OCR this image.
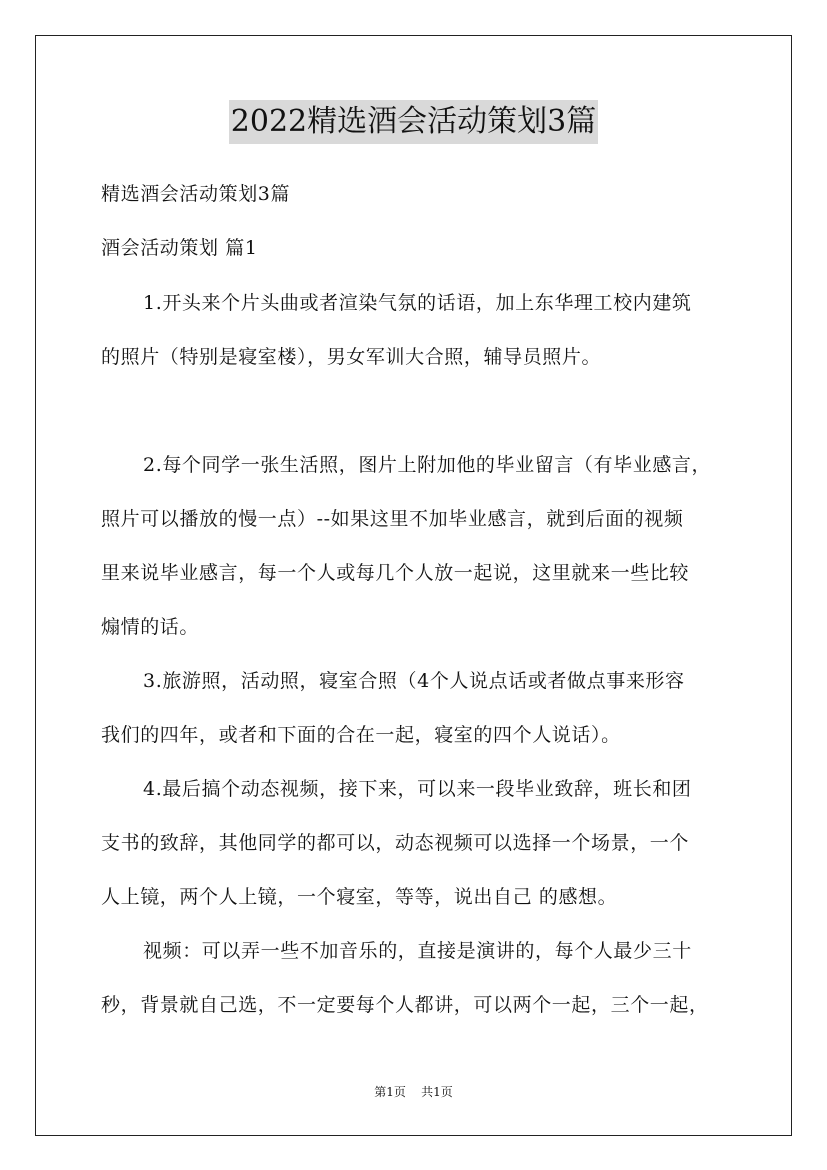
2022精选酒会活动策划3篇
精选酒会活动策划3篇
酒会活动策划 篇1
1.开头来个片头曲或者渲染气氛的话语，加上东华理工校内建筑
的照片（特别是寝室楼），男女军训大合照，辅导员照片。
2.每个同学一张生活照，图片上附加他的毕业留言（有毕业感言，
照片可以播放的慢一点）--如果这里不加毕业感言，就到后面的视频
里来说毕业感言，每一个人或每几个人放一起说，这里就来一些比较
煽情的话。
3.旅游照，活动照，寝室合照（4个人说点话或者做点事来形容
我们的四年，或者和下面的合在一起，寝室的四个人说话）。
4.最后搞个动态视频，接下来，可以来一段毕业致辞，班长和团
支书的致辞，其他同学的都可以，动态视频可以选择一个场景，一个
人上镜，两个人上镜，一个寝室，等等，说出自己 的感想。
视频：可以弄一些不加音乐的，直接是演讲的，每个人最少三十
秒，背景就自己选，不一定要每个人都讲，可以两个一起，三个一起，
第1页 共1页
